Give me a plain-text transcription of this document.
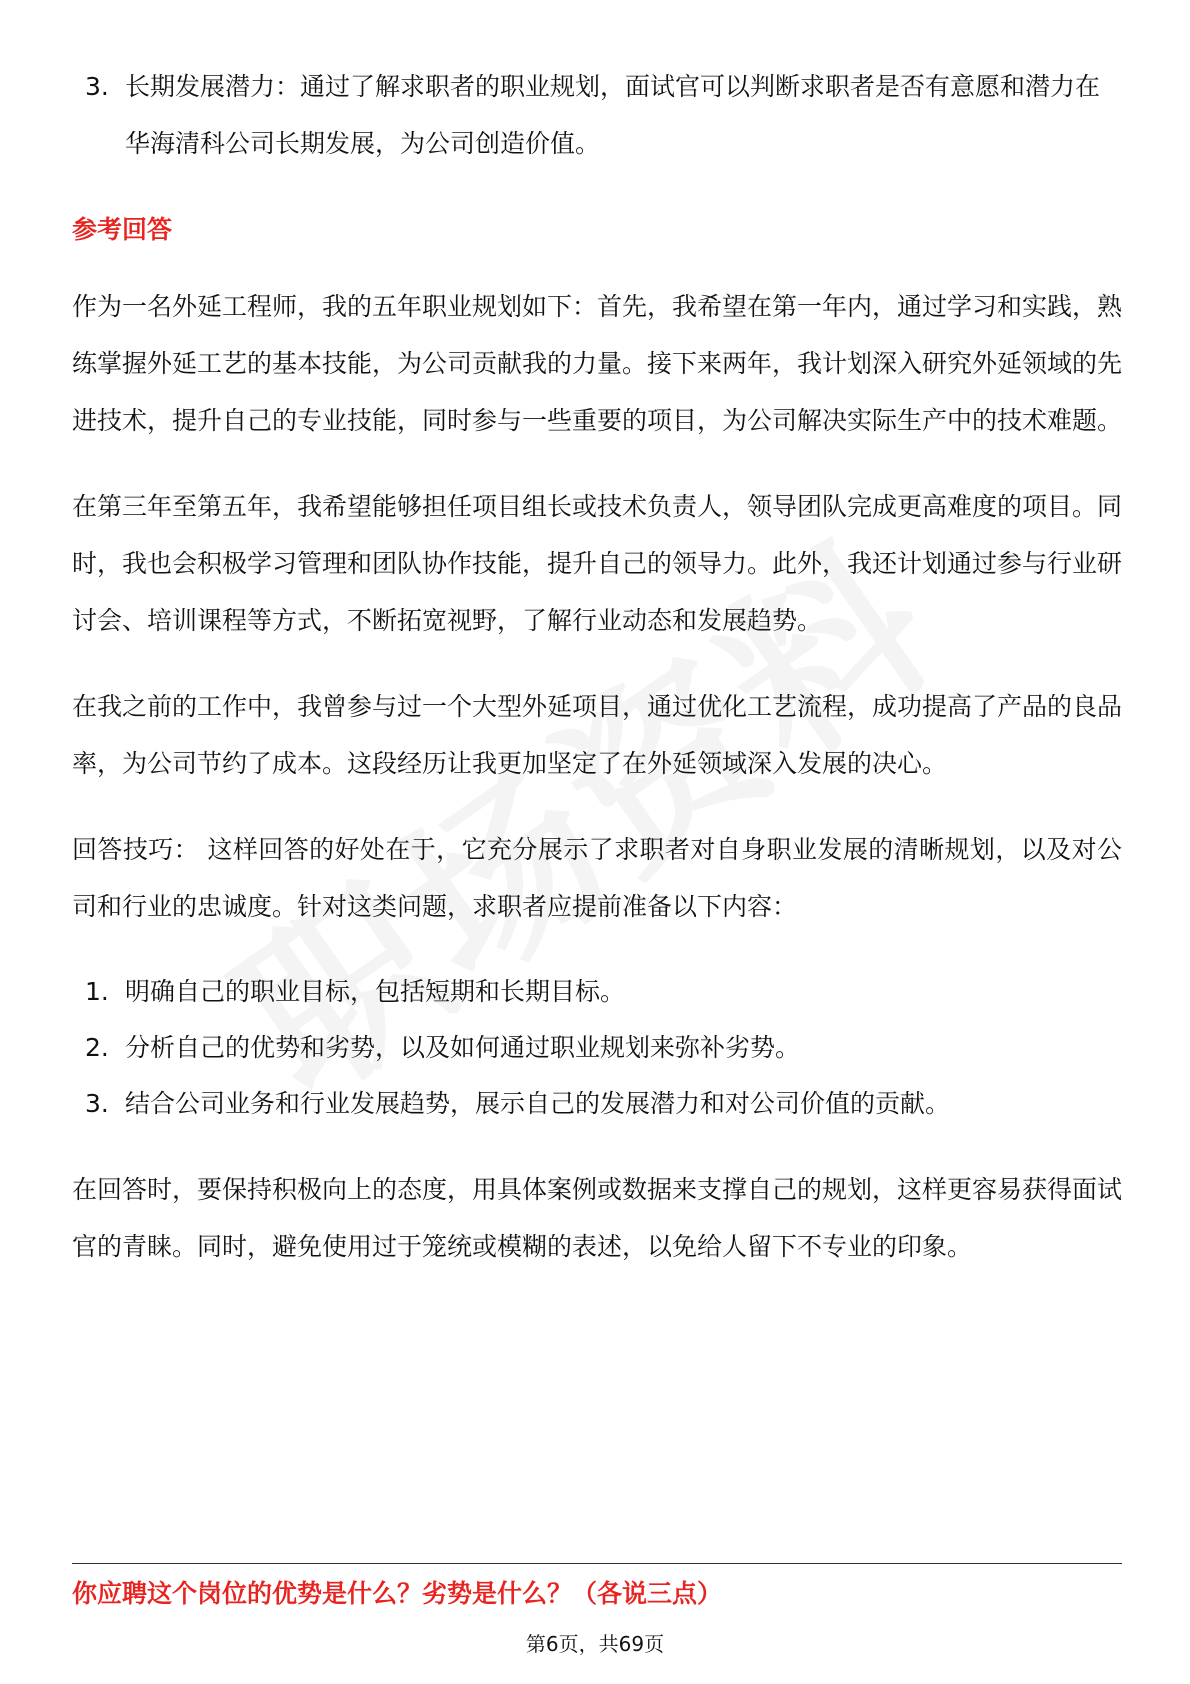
3. 长期发展潜力：通过了解求职者的职业规划，面试官可以判断求职者是否有意愿和潜力在华海清科公司长期发展，为公司创造价值。
参考回答

作为一名外延工程师，我的五年职业规划如下：首先，我希望在第一年内，通过学习和实践，熟练掌握外延工艺的基本技能，为公司贡献我的力量。接下来两年，我计划深入研究外延领域的先进技术，提升自己的专业技能，同时参与一些重要的项目，为公司解决实际生产中的技术难题。

在第三年至第五年，我希望能够担任项目组长或技术负责人，领导团队完成更高难度的项目。同时，我也会积极学习管理和团队协作技能，提升自己的领导力。此外，我还计划通过参与行业研讨会、培训课程等方式，不断拓宽视野，了解行业动态和发展趋势。

在我之前的工作中，我曾参与过一个大型外延项目，通过优化工艺流程，成功提高了产品的良品率，为公司节约了成本。这段经历让我更加坚定了在外延领域深入发展的决心。

回答技巧： 这样回答的好处在于，它充分展示了求职者对自身职业发展的清晰规划，以及对公司和行业的忠诚度。针对这类问题，求职者应提前准备以下内容：

1. 明确自己的职业目标，包括短期和长期目标。
2. 分析自己的优势和劣势，以及如何通过职业规划来弥补劣势。
3. 结合公司业务和行业发展趋势，展示自己的发展潜力和对公司价值的贡献。

在回答时，要保持积极向上的态度，用具体案例或数据来支撑自己的规划，这样更容易获得面试官的青睐。同时，避免使用过于笼统或模糊的表述，以免给人留下不专业的印象。

你应聘这个岗位的优势是什么？劣势是什么？（各说三点）
第6页，共69页
